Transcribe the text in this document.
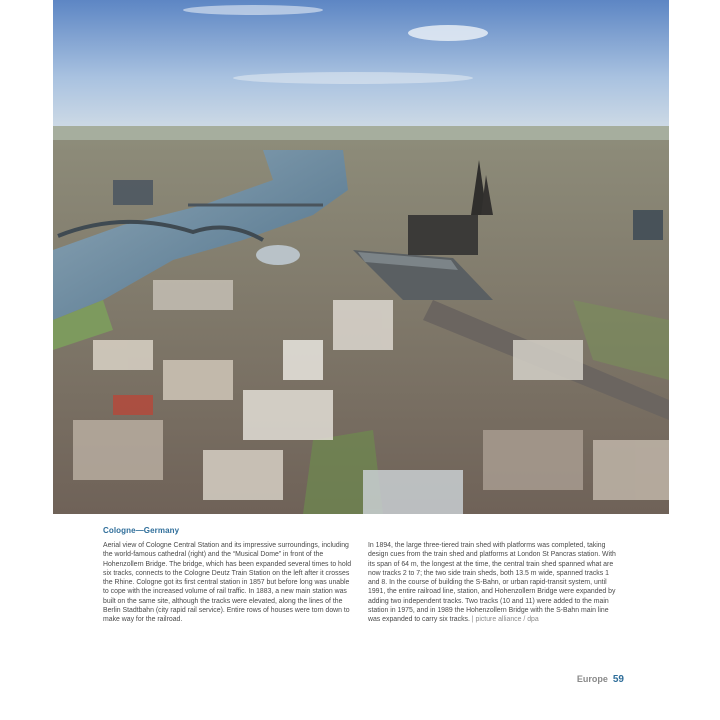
Cologne—Germany

Aerial view of Cologne Central Station and its impressive surroundings, including the world-famous cathedral (right) and the “Musical Dome” in front of the Hohenzollern Bridge. The bridge, which has been expanded several times to hold six tracks, connects to the Cologne Deutz Train Station on the left after it crosses the Rhine. Cologne got its first central station in 1857 but before long was unable to cope with the increased volume of rail traffic. In 1883, a new main station was built on the same site, although the tracks were elevated, along the lines of the Berlin Stadtbahn (city rapid rail service). Entire rows of houses were torn down to make way for the railroad.

In 1894, the large three-tiered train shed with platforms was completed, taking design cues from the train shed and platforms at London St Pancras station. With its span of 64 m, the longest at the time, the central train shed spanned what are now tracks 2 to 7; the two side train sheds, both 13.5 m wide, spanned tracks 1 and 8. In the course of building the S-Bahn, or urban rapid-transit system, until 1991, the entire railroad line, station, and Hohenzollern Bridge were expanded by adding two independent tracks. Two tracks (10 and 11) were added to the main station in 1975, and in 1989 the Hohenzollern Bridge with the S-Bahn main line was expanded to carry six tracks. | picture alliance / dpa

Europe 59
